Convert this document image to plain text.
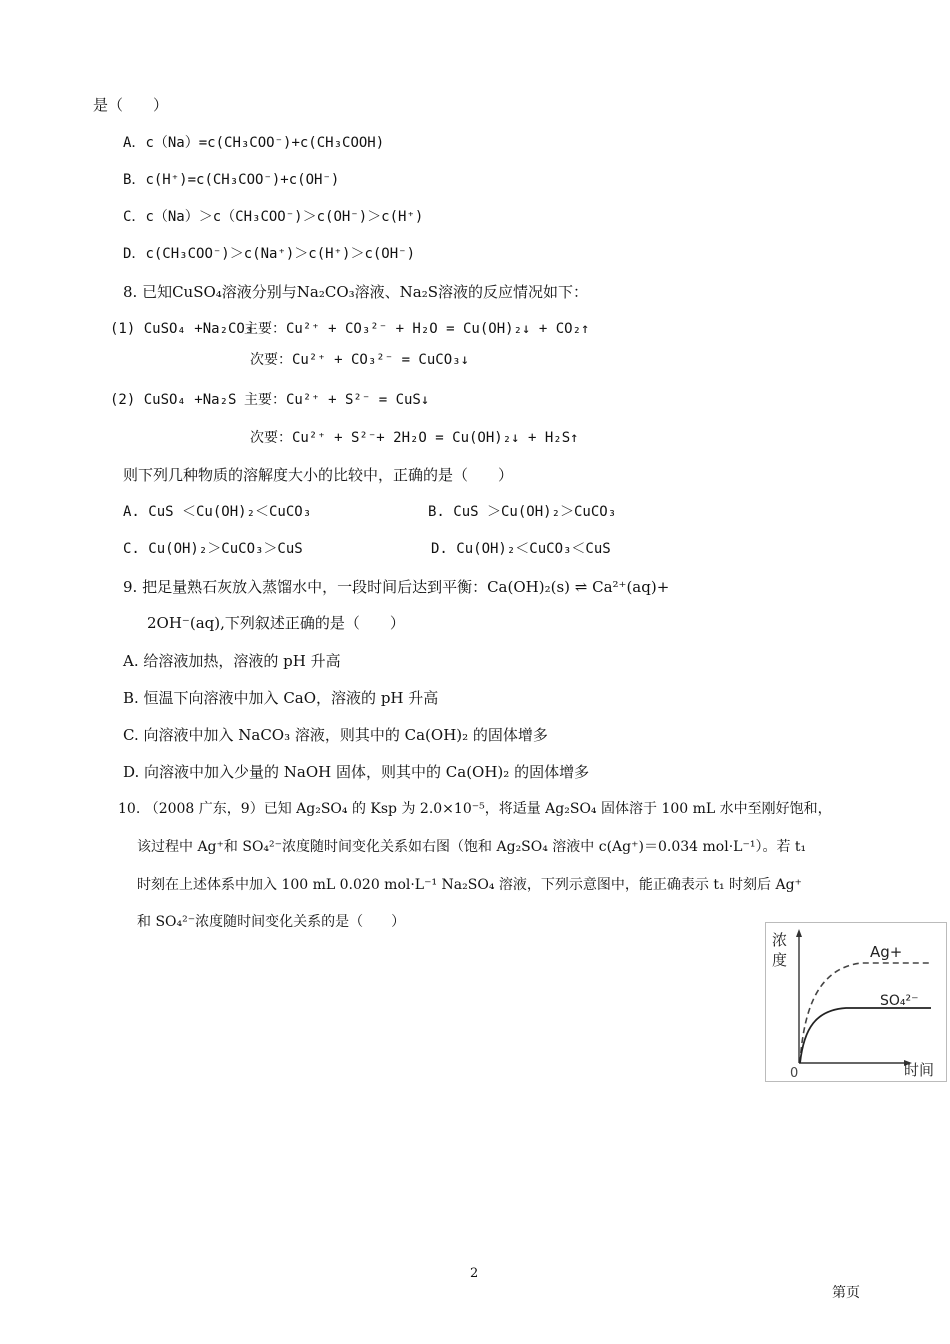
是（　　）
A．c（Na）=c(CH₃COO⁻)+c(CH₃COOH)
B．c(H⁺)=c(CH₃COO⁻)+c(OH⁻)
C．c（Na）＞c（CH₃COO⁻)＞c(OH⁻)＞c(H⁺)
D．c(CH₃COO⁻)＞c(Na⁺)＞c(H⁺)＞c(OH⁻)
8. 已知CuSO₄溶液分别与Na₂CO₃溶液、Na₂S溶液的反应情况如下：
(1) CuSO₄ +Na₂CO₃
主要：Cu²⁺ + CO₃²⁻ + H₂O = Cu(OH)₂↓ + CO₂↑
次要：Cu²⁺ + CO₃²⁻ = CuCO₃↓
(2) CuSO₄ +Na₂S 主要：Cu²⁺ + S²⁻ = CuS↓
次要：Cu²⁺ + S²⁻+ 2H₂O = Cu(OH)₂↓ + H₂S↑
则下列几种物质的溶解度大小的比较中，正确的是（　　）
A. CuS ＜Cu(OH)₂＜CuCO₃	B. CuS ＞Cu(OH)₂＞CuCO₃
C. Cu(OH)₂＞CuCO₃＞CuS	D. Cu(OH)₂＜CuCO₃＜CuS
9. 把足量熟石灰放入蒸馏水中，一段时间后达到平衡：Ca(OH)₂(s) ⇌ Ca²⁺(aq)+
2OH⁻(aq),下列叙述正确的是（　　）
A. 给溶液加热，溶液的 pH 升高
B. 恒温下向溶液中加入 CaO，溶液的 pH 升高
C. 向溶液中加入 NaCO₃ 溶液，则其中的 Ca(OH)₂ 的固体增多
D. 向溶液中加入少量的 NaOH 固体，则其中的 Ca(OH)₂ 的固体增多
10. （2008 广东，9）已知 Ag₂SO₄ 的 Ksp 为 2.0×10⁻⁵，将适量 Ag₂SO₄ 固体溶于 100 mL 水中至刚好饱和，
该过程中 Ag⁺和 SO₄²⁻浓度随时间变化关系如右图（饱和 Ag₂SO₄ 溶液中 c(Ag⁺)＝0.034 mol·L⁻¹）。若 t₁
时刻在上述体系中加入 100 mL 0.020 mol·L⁻¹ Na₂SO₄ 溶液，下列示意图中，能正确表示 t₁ 时刻后 Ag⁺
和 SO₄²⁻浓度随时间变化关系的是（　　）
浓
度	Ag+
SO₄²⁻
0	时间
2
第页
